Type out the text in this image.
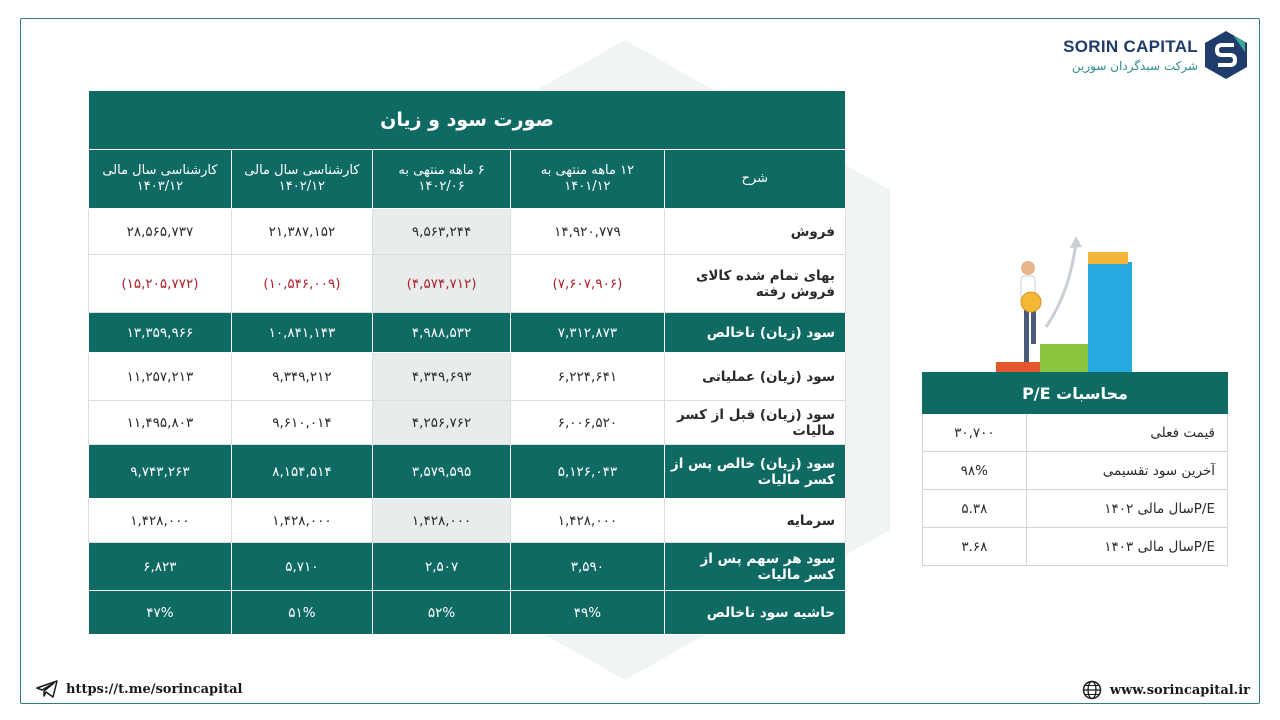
SORIN CAPITAL
شرکت سبدگردان سورین
صورت سود و زیان				
شرح	۱۲ ماهه منتهی به ۱۴۰۱/۱۲	۶ ماهه منتهی به ۱۴۰۲/۰۶	کارشناسی سال مالی ۱۴۰۲/۱۲	کارشناسی سال مالی ۱۴۰۳/۱۲
فروش	۱۴,۹۲۰,۷۷۹	۹,۵۶۳,۲۴۴	۲۱,۳۸۷,۱۵۲	۲۸,۵۶۵,۷۳۷
بهای تمام شده کالای فروش رفته	(۷,۶۰۷,۹۰۶)	(۴,۵۷۴,۷۱۲)	(۱۰,۵۴۶,۰۰۹)	(۱۵,۲۰۵,۷۷۲)
سود (زیان) ناخالص	۷,۳۱۲,۸۷۳	۴,۹۸۸,۵۳۲	۱۰,۸۴۱,۱۴۳	۱۳,۳۵۹,۹۶۶
سود (زیان) عملیاتی	۶,۲۲۴,۶۴۱	۴,۳۴۹,۶۹۳	۹,۳۴۹,۲۱۲	۱۱,۲۵۷,۲۱۳
سود (زیان) قبل از کسر مالیات	۶,۰۰۶,۵۲۰	۴,۲۵۶,۷۶۲	۹,۶۱۰,۰۱۴	۱۱,۴۹۵,۸۰۳
سود (زیان) خالص پس از کسر مالیات	۵,۱۲۶,۰۴۳	۳,۵۷۹,۵۹۵	۸,۱۵۴,۵۱۴	۹,۷۴۳,۲۶۳
سرمایه	۱,۴۲۸,۰۰۰	۱,۴۲۸,۰۰۰	۱,۴۲۸,۰۰۰	۱,۴۲۸,۰۰۰
سود هر سهم پس از کسر مالیات	۳,۵۹۰	۲,۵۰۷	۵,۷۱۰	۶,۸۲۳
حاشیه سود ناخالص	۴۹%	۵۲%	۵۱%	۴۷%
محاسبات P/E	
قیمت فعلی	۳۰,۷۰۰
آخرین سود تقسیمی	۹۸%
P/Eسال مالی ۱۴۰۲	۵.۳۸
P/Eسال مالی ۱۴۰۳	۳.۶۸
https://t.me/sorincapital	www.sorincapital.ir
